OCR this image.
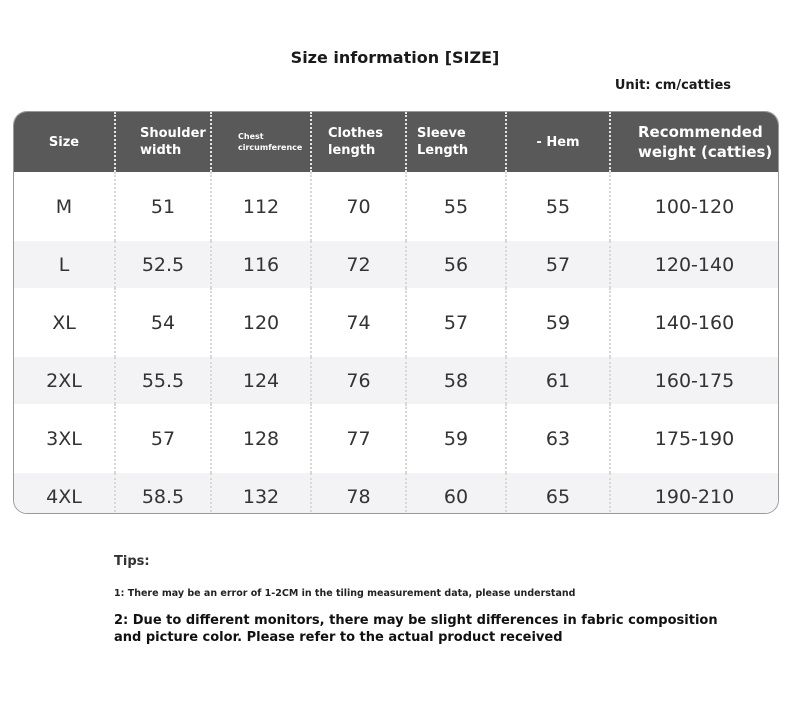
Size information [SIZE]
Unit: cm/catties
Size	Shoulder width	Chest circumference	Clothes length	Sleeve Length	- Hem	Recommended weight (catties)
M	51	112	70	55	55	100-120
L	52.5	116	72	56	57	120-140
XL	54	120	74	57	59	140-160
2XL	55.5	124	76	58	61	160-175
3XL	57	128	77	59	63	175-190
4XL	58.5	132	78	60	65	190-210

Tips:
1: There may be an error of 1-2CM in the tiling measurement data, please understand
2: Due to different monitors, there may be slight differences in fabric composition and picture color. Please refer to the actual product received
